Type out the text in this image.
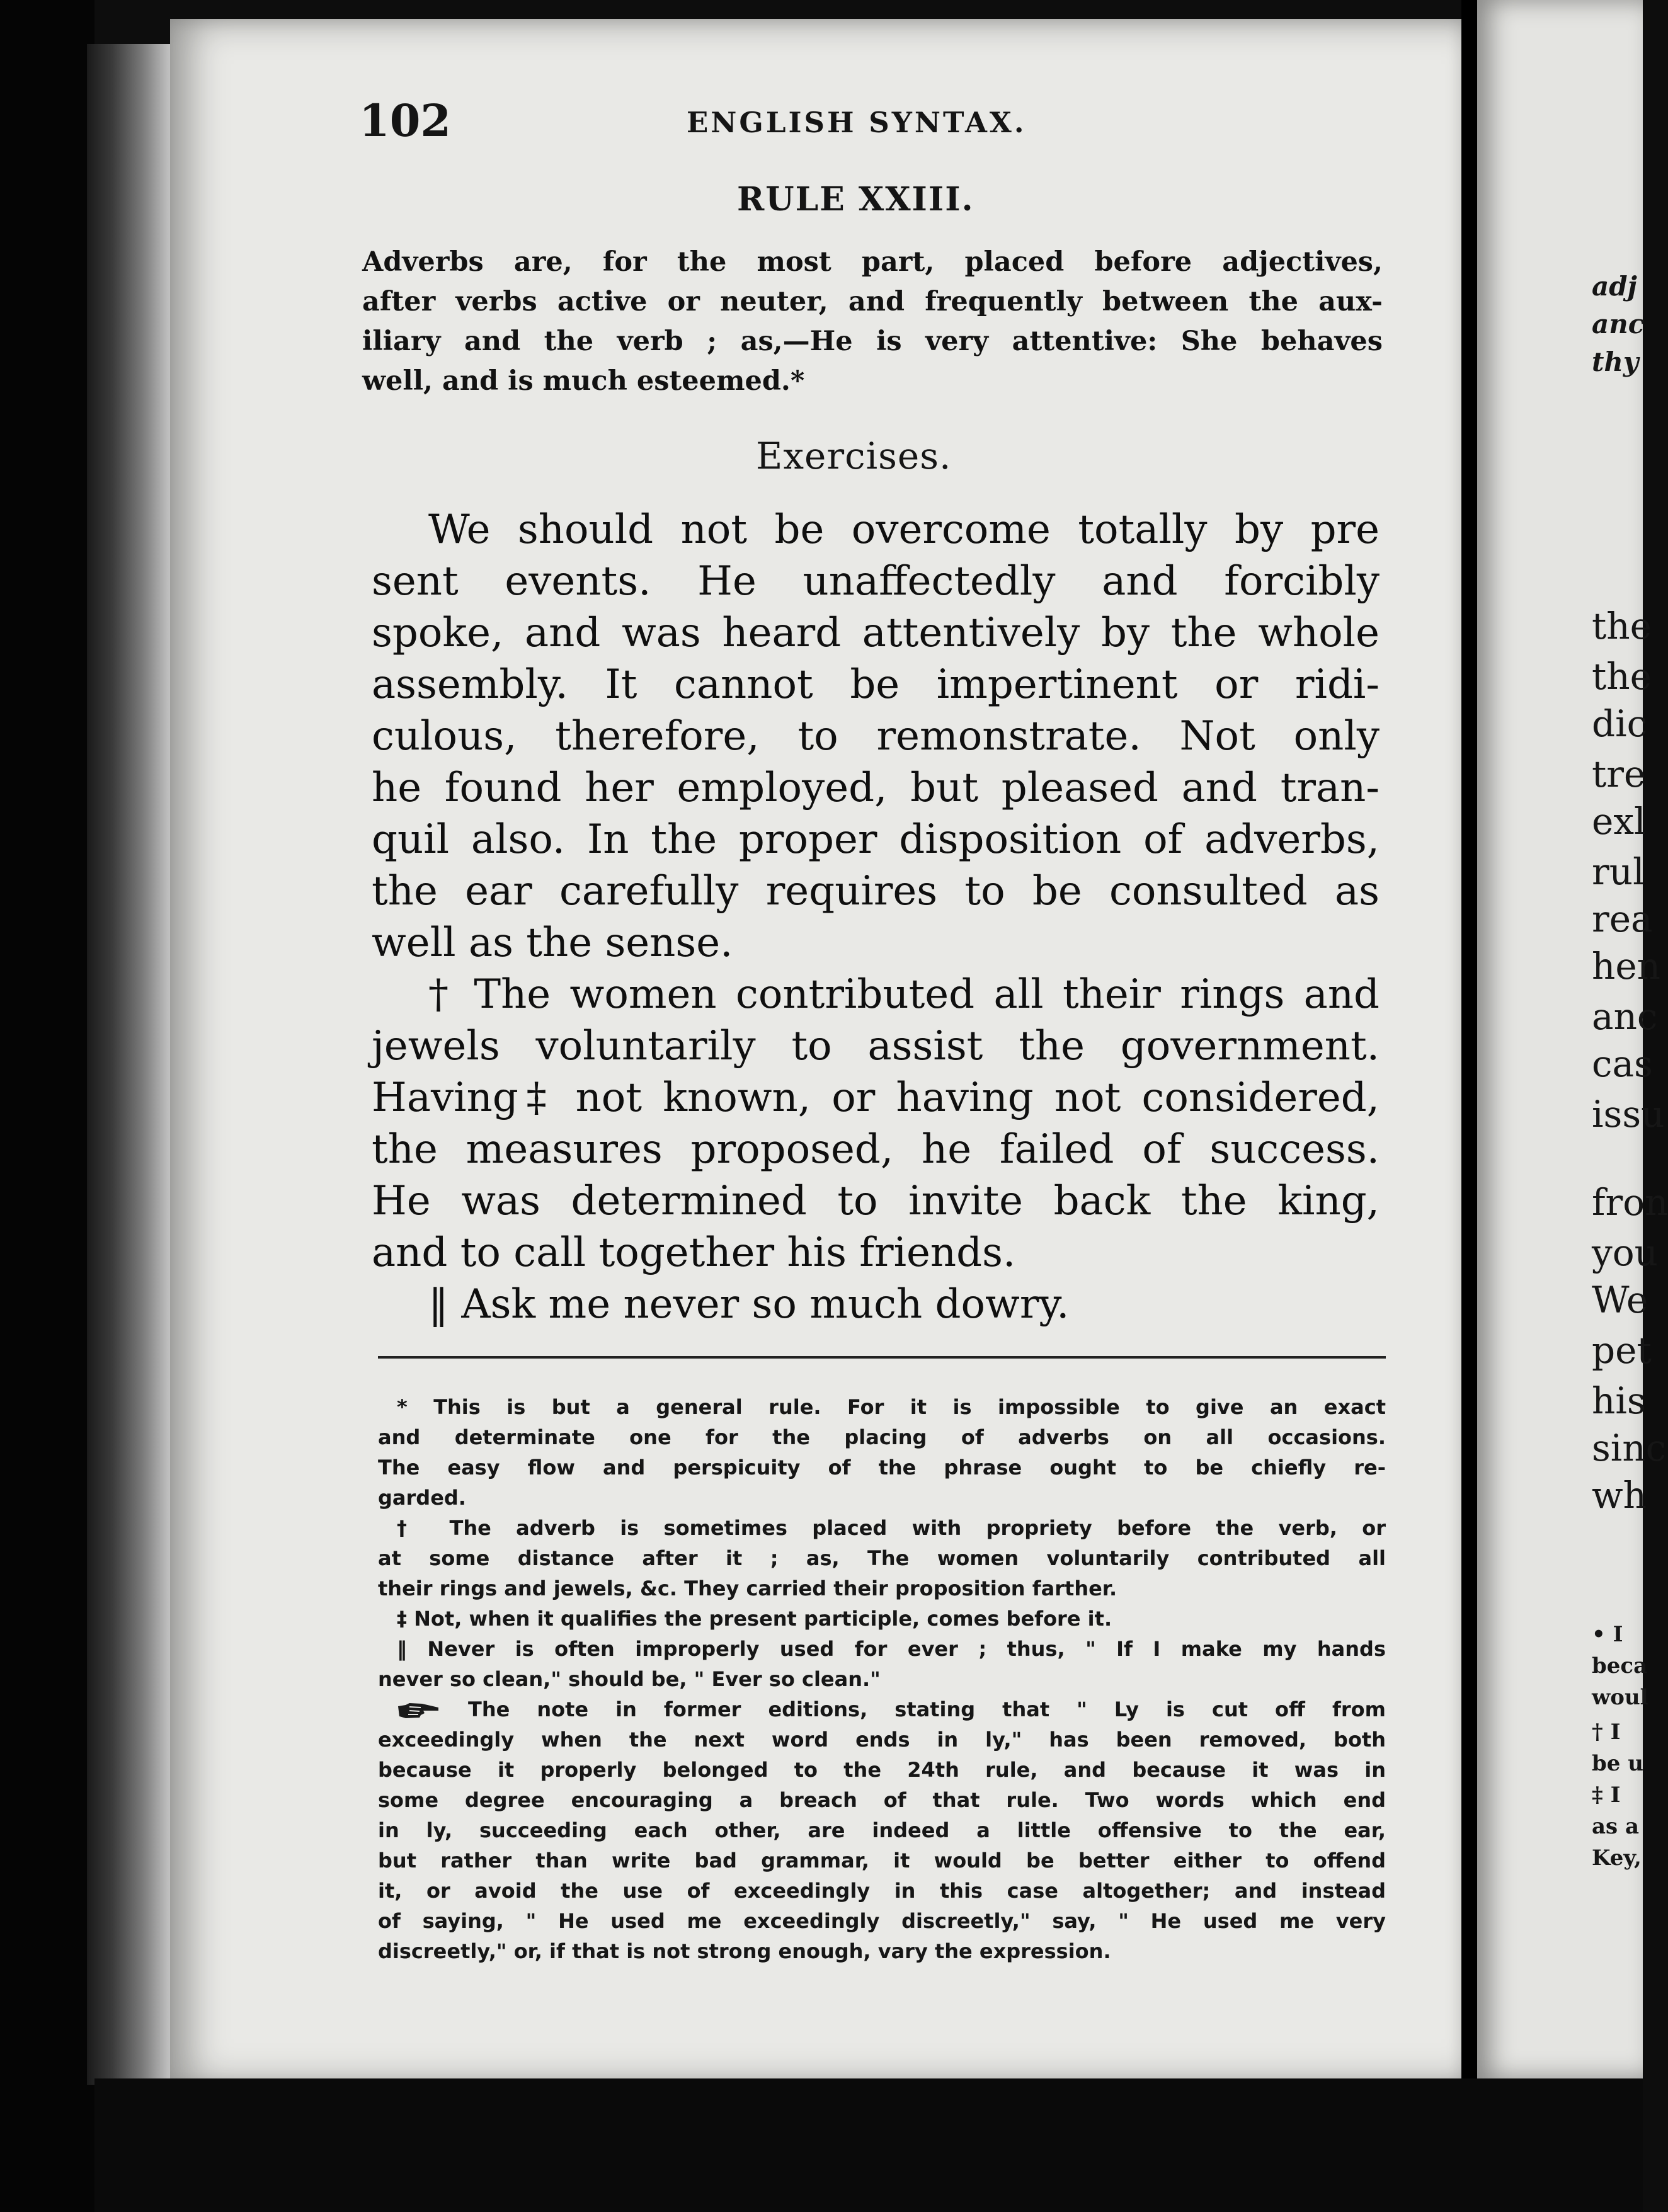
adj
anc
thy
the
the
dic
tre
exl
rul
rea
hen
anc
cas
issu
fron
you
We
pet
his
sinc
wh
• I
beca
woul
† I
be u
‡ I
as a
Key,
102	ENGLISH SYNTAX.
RULE XXIII.
Adverbs are, for the most part, placed before adjectives,
after verbs active or neuter, and frequently between the aux-
iliary and the verb ; as,—He is very attentive: She behaves
well, and is much esteemed.*
Exercises.
We should not be overcome totally by pre
sent events. He unaffectedly and forcibly
spoke, and was heard attentively by the whole
assembly. It cannot be impertinent or ridi-
culous, therefore, to remonstrate. Not only
he found her employed, but pleased and tran-
quil also. In the proper disposition of adverbs,
the ear carefully requires to be consulted as
well as the sense.
† The women contributed all their rings and
jewels voluntarily to assist the government.
Having‡ not known, or having not considered,
the measures proposed, he failed of success.
He was determined to invite back the king,
and to call together his friends.
‖ Ask me never so much dowry.
* This is but a general rule. For it is impossible to give an exact
and determinate one for the placing of adverbs on all occasions.
The easy flow and perspicuity of the phrase ought to be chiefly re-
garded.
† The adverb is sometimes placed with propriety before the verb, or
at some distance after it ; as, The women voluntarily contributed all
their rings and jewels, &c. They carried their proposition farther.
‡ Not, when it qualifies the present participle, comes before it.
‖ Never is often improperly used for ever ; thus, " If I make my hands
never so clean," should be, " Ever so clean."
The note in former editions, stating that " Ly is cut off from
exceedingly when the next word ends in ly," has been removed, both
because it properly belonged to the 24th rule, and because it was in
some degree encouraging a breach of that rule. Two words which end
in ly, succeeding each other, are indeed a little offensive to the ear,
but rather than write bad grammar, it would be better either to offend
it, or avoid the use of exceedingly in this case altogether; and instead
of saying, " He used me exceedingly discreetly," say, " He used me very
discreetly," or, if that is not strong enough, vary the expression.
